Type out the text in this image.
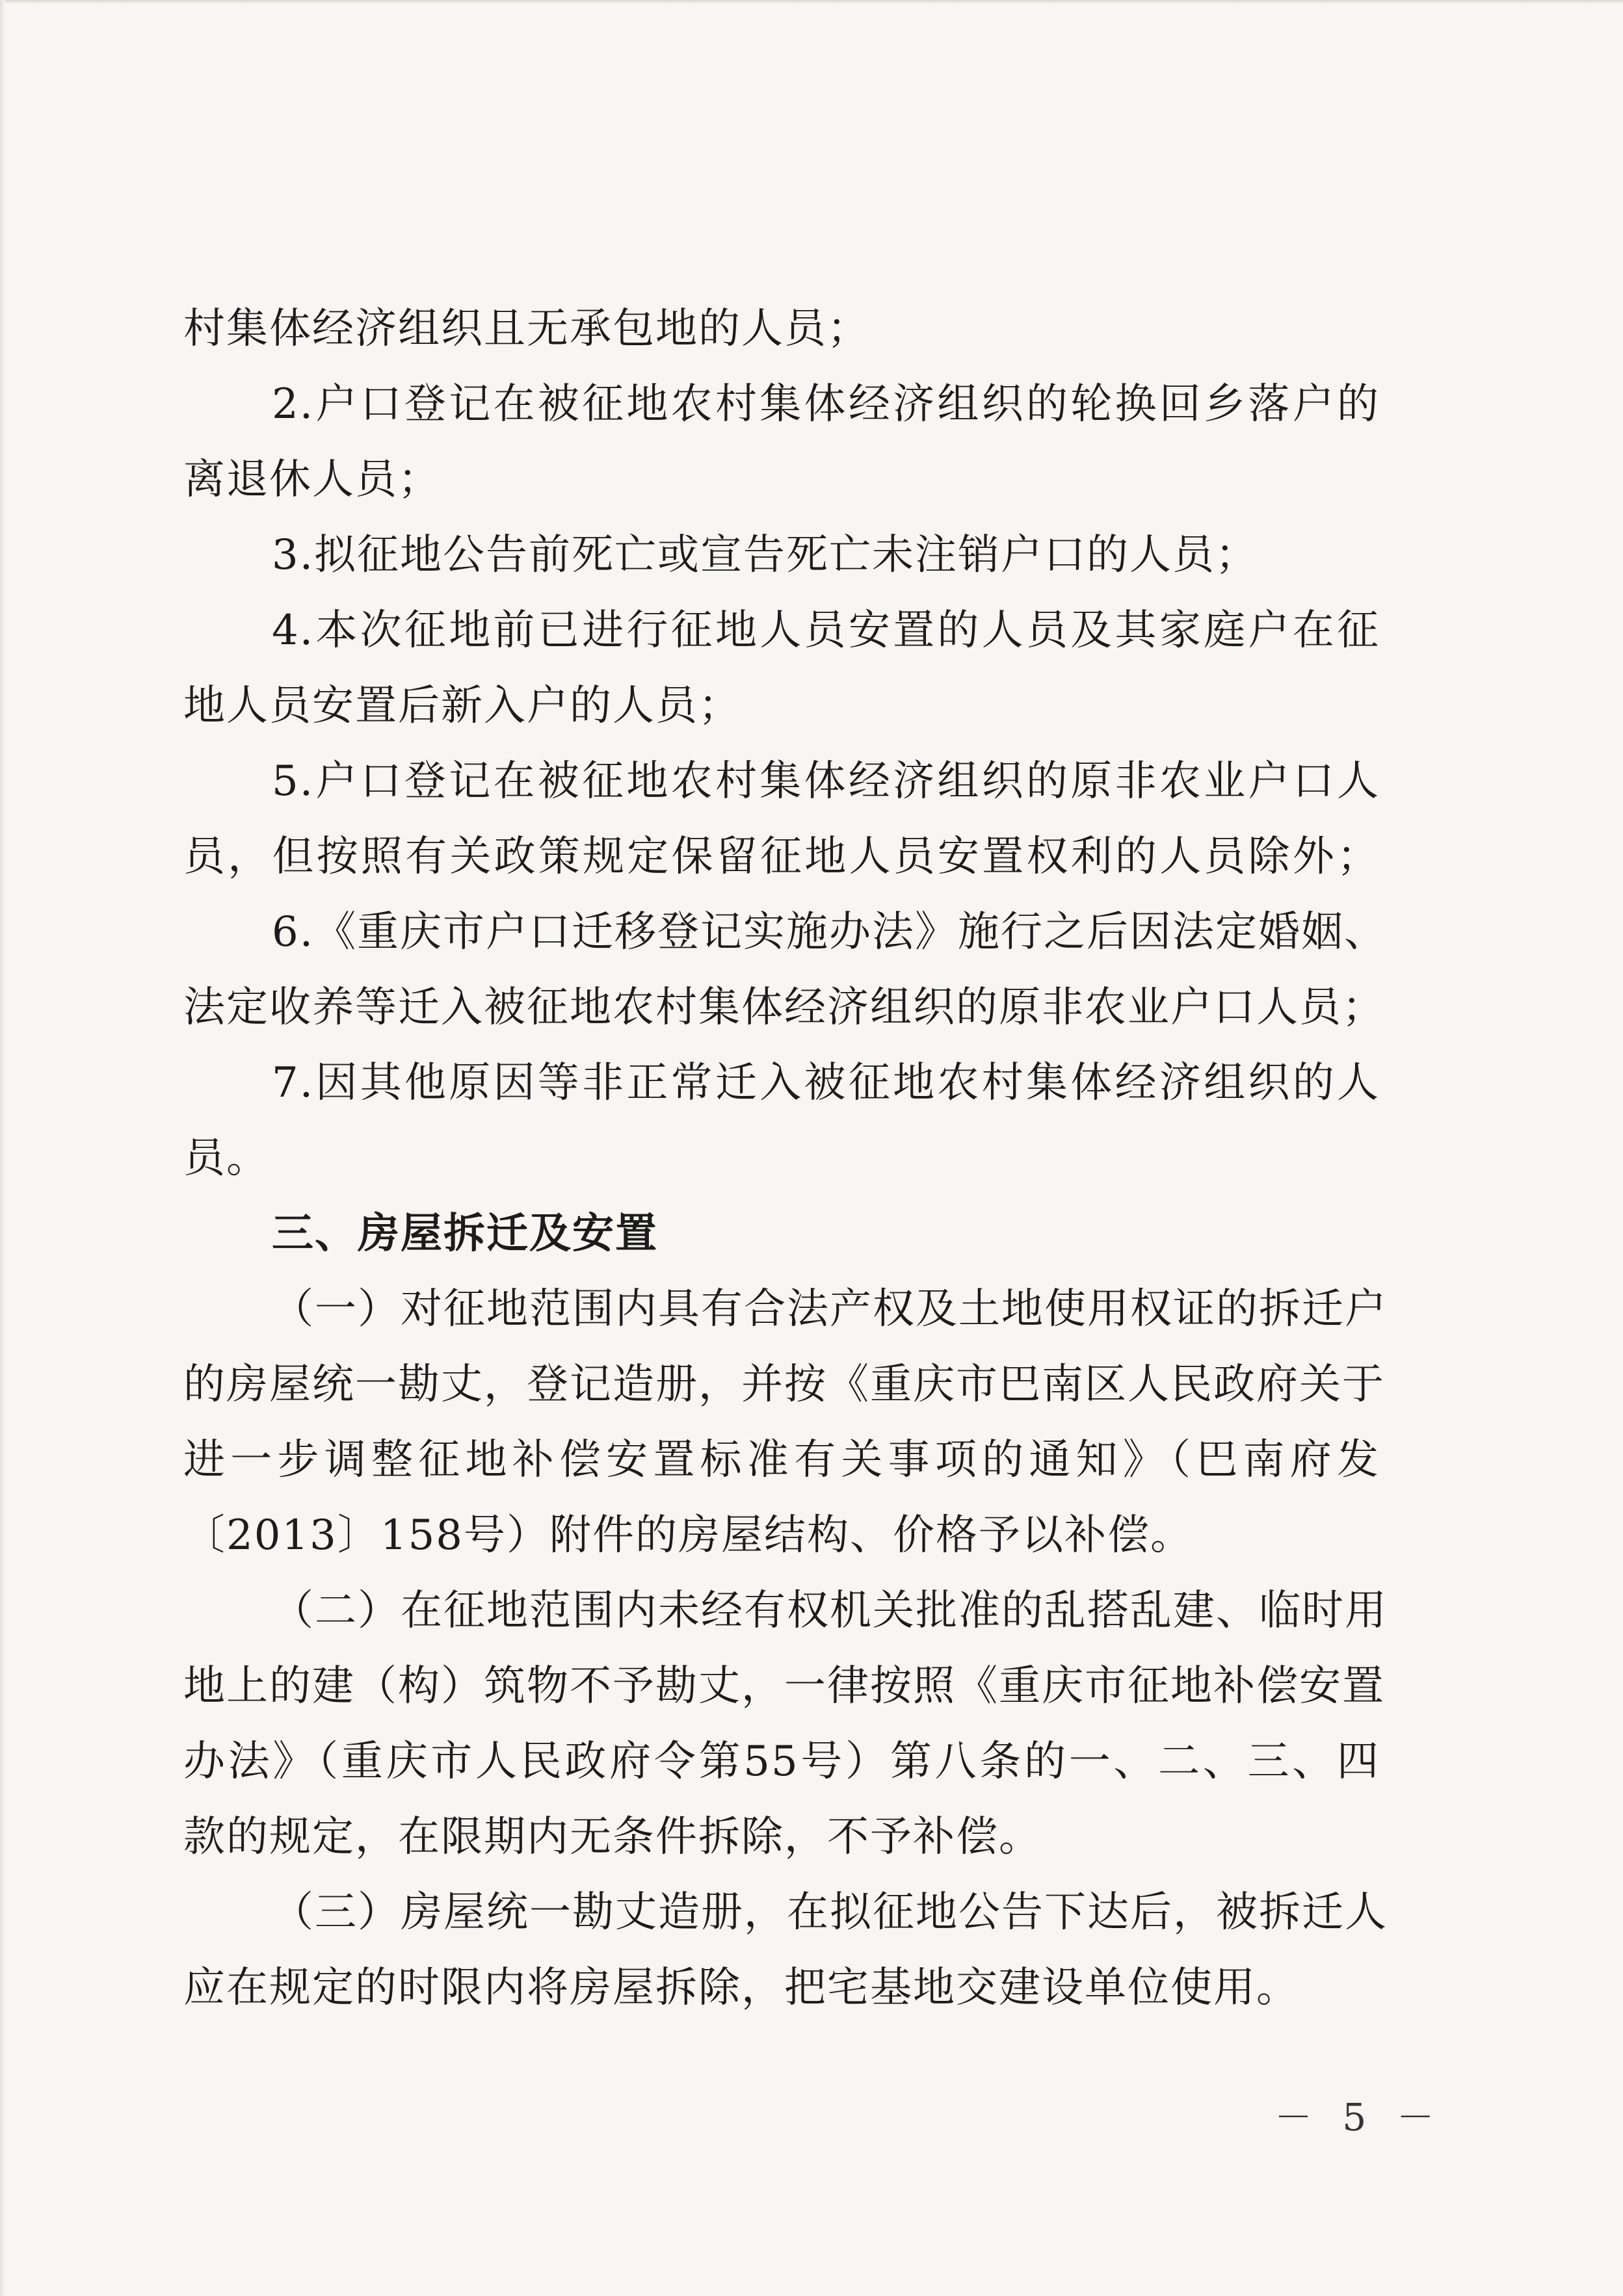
村集体经济组织且无承包地的人员；
2.户口登记在被征地农村集体经济组织的轮换回乡落户的
离退休人员；
3.拟征地公告前死亡或宣告死亡未注销户口的人员；
4.本次征地前已进行征地人员安置的人员及其家庭户在征
地人员安置后新入户的人员；
5.户口登记在被征地农村集体经济组织的原非农业户口人
员，但按照有关政策规定保留征地人员安置权利的人员除外；
6.《重庆市户口迁移登记实施办法》施行之后因法定婚姻、
法定收养等迁入被征地农村集体经济组织的原非农业户口人员；
7.因其他原因等非正常迁入被征地农村集体经济组织的人
员。
三、房屋拆迁及安置
（一）对征地范围内具有合法产权及土地使用权证的拆迁户
的房屋统一勘丈，登记造册，并按《重庆市巴南区人民政府关于
进一步调整征地补偿安置标准有关事项的通知》（巴南府发
〔2013〕158号）附件的房屋结构、价格予以补偿。
（二）在征地范围内未经有权机关批准的乱搭乱建、临时用
地上的建（构）筑物不予勘丈，一律按照《重庆市征地补偿安置
办法》（重庆市人民政府令第55号）第八条的一、二、三、四
款的规定，在限期内无条件拆除，不予补偿。
（三）房屋统一勘丈造册，在拟征地公告下达后，被拆迁人
应在规定的时限内将房屋拆除，把宅基地交建设单位使用。
－ 5 －
